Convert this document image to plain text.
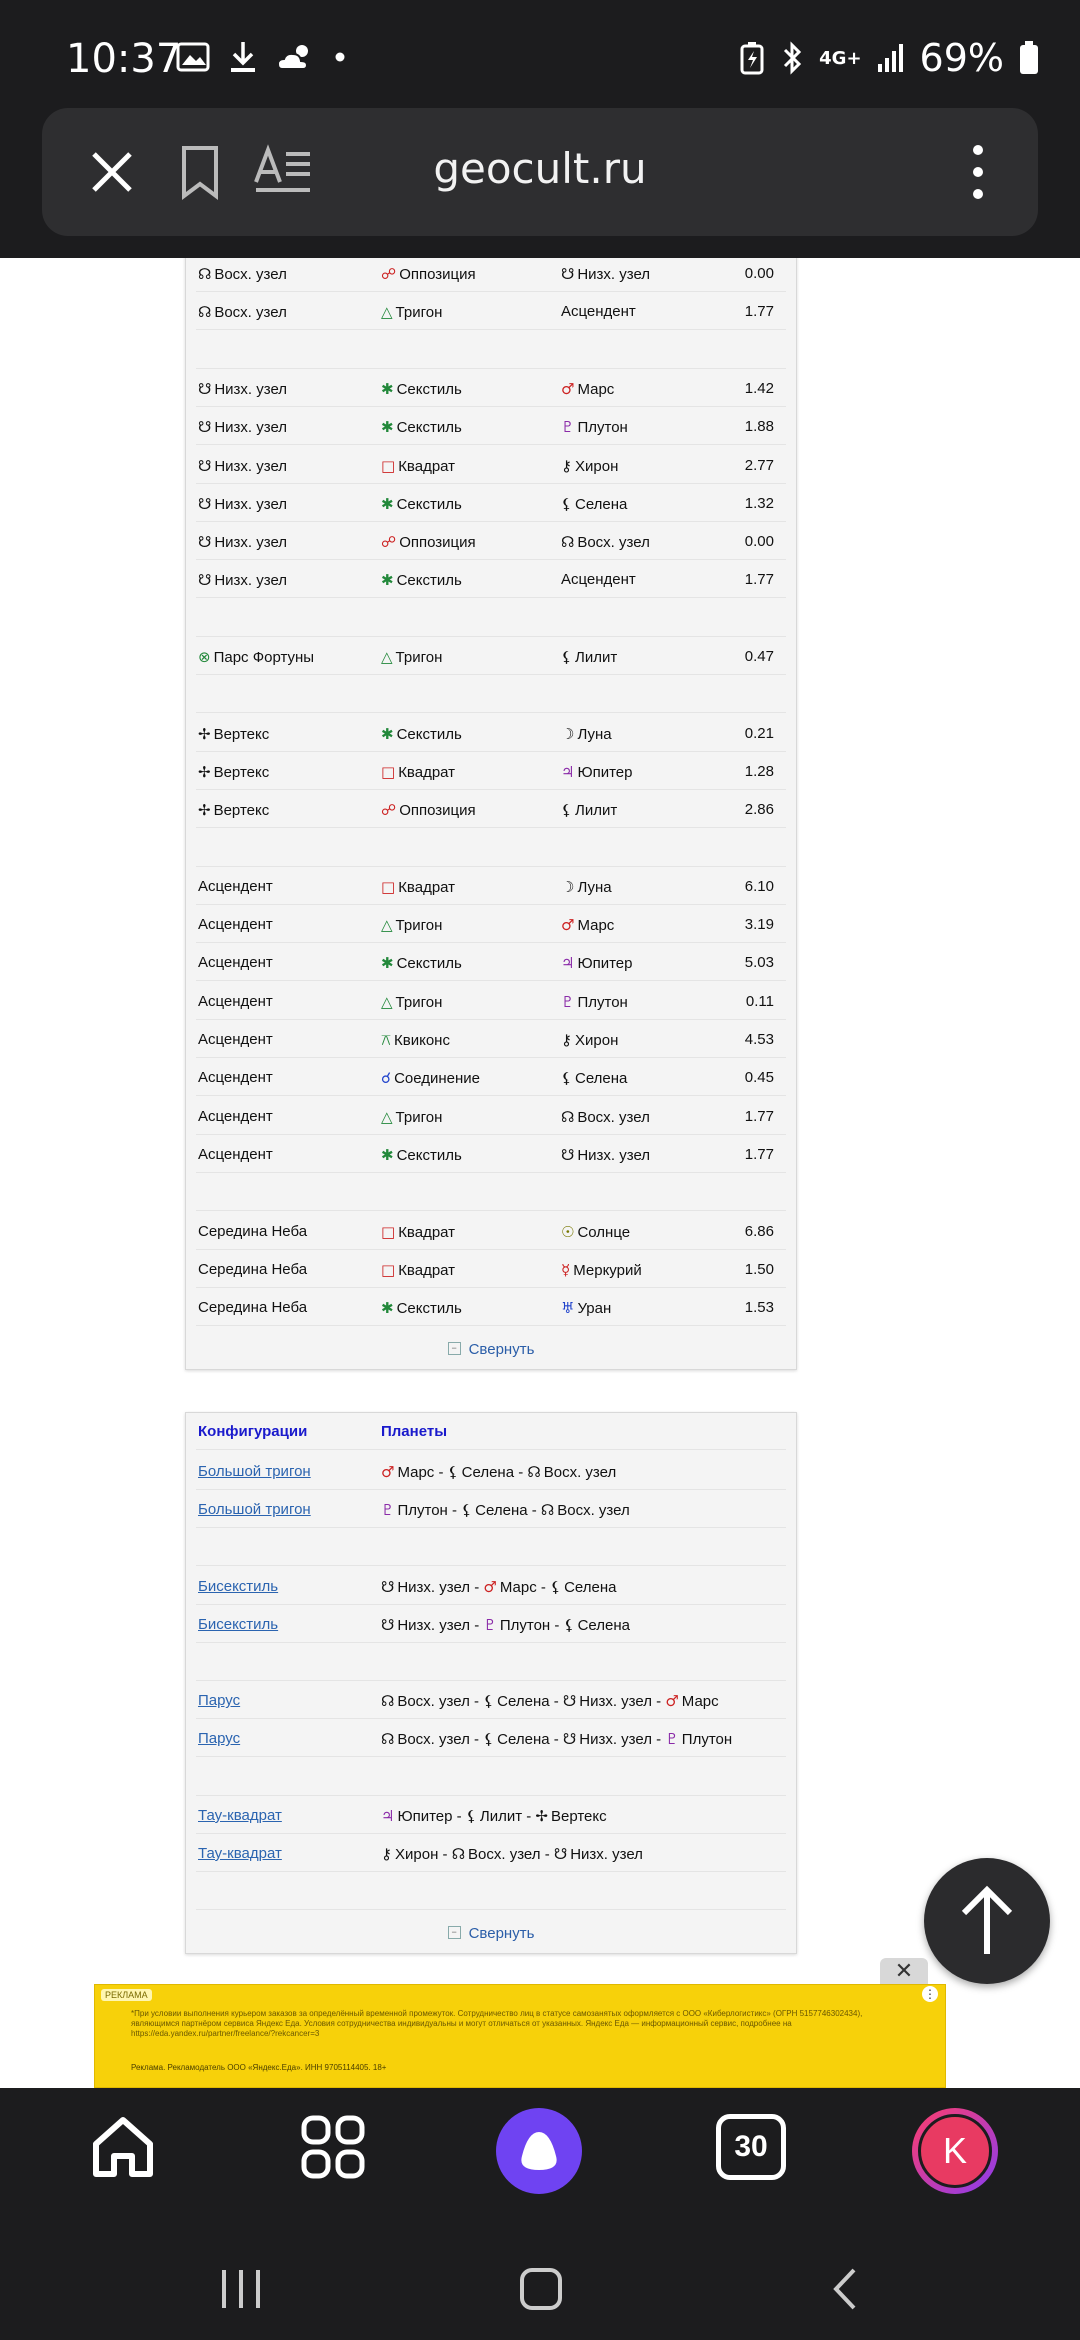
10:37	4G+ 69%
geocult.ru
☊ Восх. узел	☍ Оппозиция	☋ Низх. узел	0.00
☊ Восх. узел	△ Тригон	Асцендент	1.77
☋ Низх. узел	✱ Секстиль	♂ Марс	1.42
☋ Низх. узел	✱ Секстиль	♇ Плутон	1.88
☋ Низх. узел	□ Квадрат	⚷ Хирон	2.77
☋ Низх. узел	✱ Секстиль	⚸ Селена	1.32
☋ Низх. узел	☍ Оппозиция	☊ Восх. узел	0.00
☋ Низх. узел	✱ Секстиль	Асцендент	1.77
⊗ Парс Фортуны	△ Тригон	⚸ Лилит	0.47
✢ Вертекс	✱ Секстиль	☽ Луна	0.21
✢ Вертекс	□ Квадрат	♃ Юпитер	1.28
✢ Вертекс	☍ Оппозиция	⚸ Лилит	2.86
Асцендент	□ Квадрат	☽ Луна	6.10
Асцендент	△ Тригон	♂ Марс	3.19
Асцендент	✱ Секстиль	♃ Юпитер	5.03
Асцендент	△ Тригон	♇ Плутон	0.11
Асцендент	⚻ Квиконс	⚷ Хирон	4.53
Асцендент	☌ Соединение	⚸ Селена	0.45
Асцендент	△ Тригон	☊ Восх. узел	1.77
Асцендент	✱ Секстиль	☋ Низх. узел	1.77
Середина Неба	□ Квадрат	☉ Солнце	6.86
Середина Неба	□ Квадрат	☿ Меркурий	1.50
Середина Неба	✱ Секстиль	♅ Уран	1.53
− Свернуть
Конфигурации	Планеты
Большой тригон	♂ Марс - ⚸ Селена - ☊ Восх. узел
Большой тригон	♇ Плутон - ⚸ Селена - ☊ Восх. узел
Бисекстиль	☋ Низх. узел - ♂ Марс - ⚸ Селена
Бисекстиль	☋ Низх. узел - ♇ Плутон - ⚸ Селена
Парус	☊ Восх. узел - ⚸ Селена - ☋ Низх. узел - ♂ Марс
Парус	☊ Восх. узел - ⚸ Селена - ☋ Низх. узел - ♇ Плутон
Тау-квадрат	♃ Юпитер - ⚸ Лилит - ✢ Вертекс
Тау-квадрат	⚷ Хирон - ☊ Восх. узел - ☋ Низх. узел
− Свернуть
✕
РЕКЛАМА
*При условии выполнения курьером заказов за определённый временной промежуток. Сотрудничество лиц в статусе самозанятых оформляется с ООО «Киберлогистикс» (ОГРН 5157746302434), являющимся партнёром сервиса Яндекс Еда. Условия сотрудничества индивидуальны и могут отличаться от указанных. Яндекс Еда — информационный сервис, подробнее на https://eda.yandex.ru/partner/freelance/?rekcancer=3
Реклама. Рекламодатель ООО «Яндекс.Еда». ИНН 9705114405. 18+
⋮
30	K
